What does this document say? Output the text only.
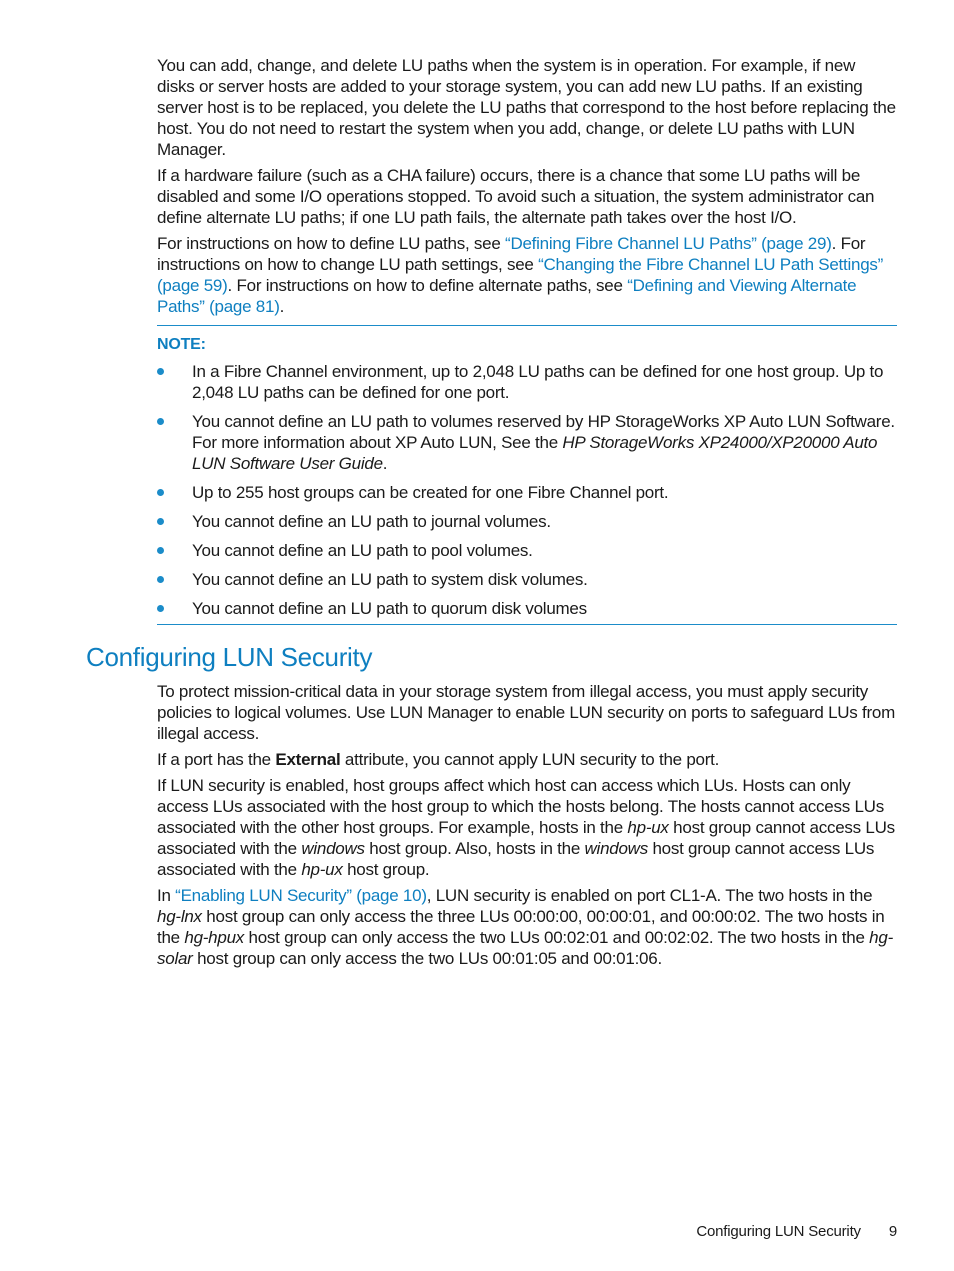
You can add, change, and delete LU paths when the system is in operation. For example, if new disks or server hosts are added to your storage system, you can add new LU paths. If an existing server host is to be replaced, you delete the LU paths that correspond to the host before replacing the host. You do not need to restart the system when you add, change, or delete LU paths with LUN Manager.

If a hardware failure (such as a CHA failure) occurs, there is a chance that some LU paths will be disabled and some I/O operations stopped. To avoid such a situation, the system administrator can define alternate LU paths; if one LU path fails, the alternate path takes over the host I/O.

For instructions on how to define LU paths, see “Defining Fibre Channel LU Paths” (page 29). For instructions on how to change LU path settings, see “Changing the Fibre Channel LU Path Settings” (page 59). For instructions on how to define alternate paths, see “Defining and Viewing Alternate Paths” (page 81).

NOTE:
In a Fibre Channel environment, up to 2,048 LU paths can be defined for one host group. Up to 2,048 LU paths can be defined for one port.
You cannot define an LU path to volumes reserved by HP StorageWorks XP Auto LUN Software. For more information about XP Auto LUN, See the HP StorageWorks XP24000/XP20000 Auto LUN Software User Guide.
Up to 255 host groups can be created for one Fibre Channel port.
You cannot define an LU path to journal volumes.
You cannot define an LU path to pool volumes.
You cannot define an LU path to system disk volumes.
You cannot define an LU path to quorum disk volumes
Configuring LUN Security

To protect mission-critical data in your storage system from illegal access, you must apply security policies to logical volumes. Use LUN Manager to enable LUN security on ports to safeguard LUs from illegal access.

If a port has the External attribute, you cannot apply LUN security to the port.

If LUN security is enabled, host groups affect which host can access which LUs. Hosts can only access LUs associated with the host group to which the hosts belong. The hosts cannot access LUs associated with the other host groups. For example, hosts in the hp-ux host group cannot access LUs associated with the windows host group. Also, hosts in the windows host group cannot access LUs associated with the hp-ux host group.

In “Enabling LUN Security” (page 10), LUN security is enabled on port CL1-A. The two hosts in the hg-lnx host group can only access the three LUs 00:00:00, 00:00:01, and 00:00:02. The two hosts in the hg-hpux host group can only access the two LUs 00:02:01 and 00:02:02. The two hosts in the hg-solar host group can only access the two LUs 00:01:05 and 00:01:06.

Configuring LUN Security 9
